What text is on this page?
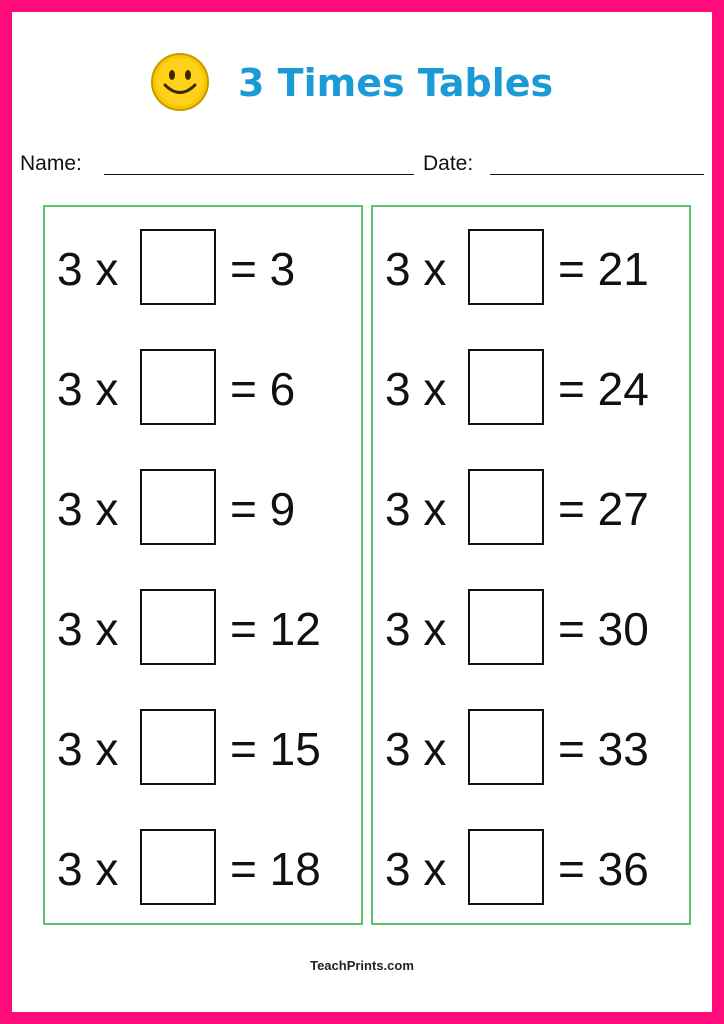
3 Times Tables
Name:	Date:
3 x = 3
3 x = 6
3 x = 9
3 x = 12
3 x = 15
3 x = 18
3 x = 21
3 x = 24
3 x = 27
3 x = 30
3 x = 33
3 x = 36
TeachPrints.com
